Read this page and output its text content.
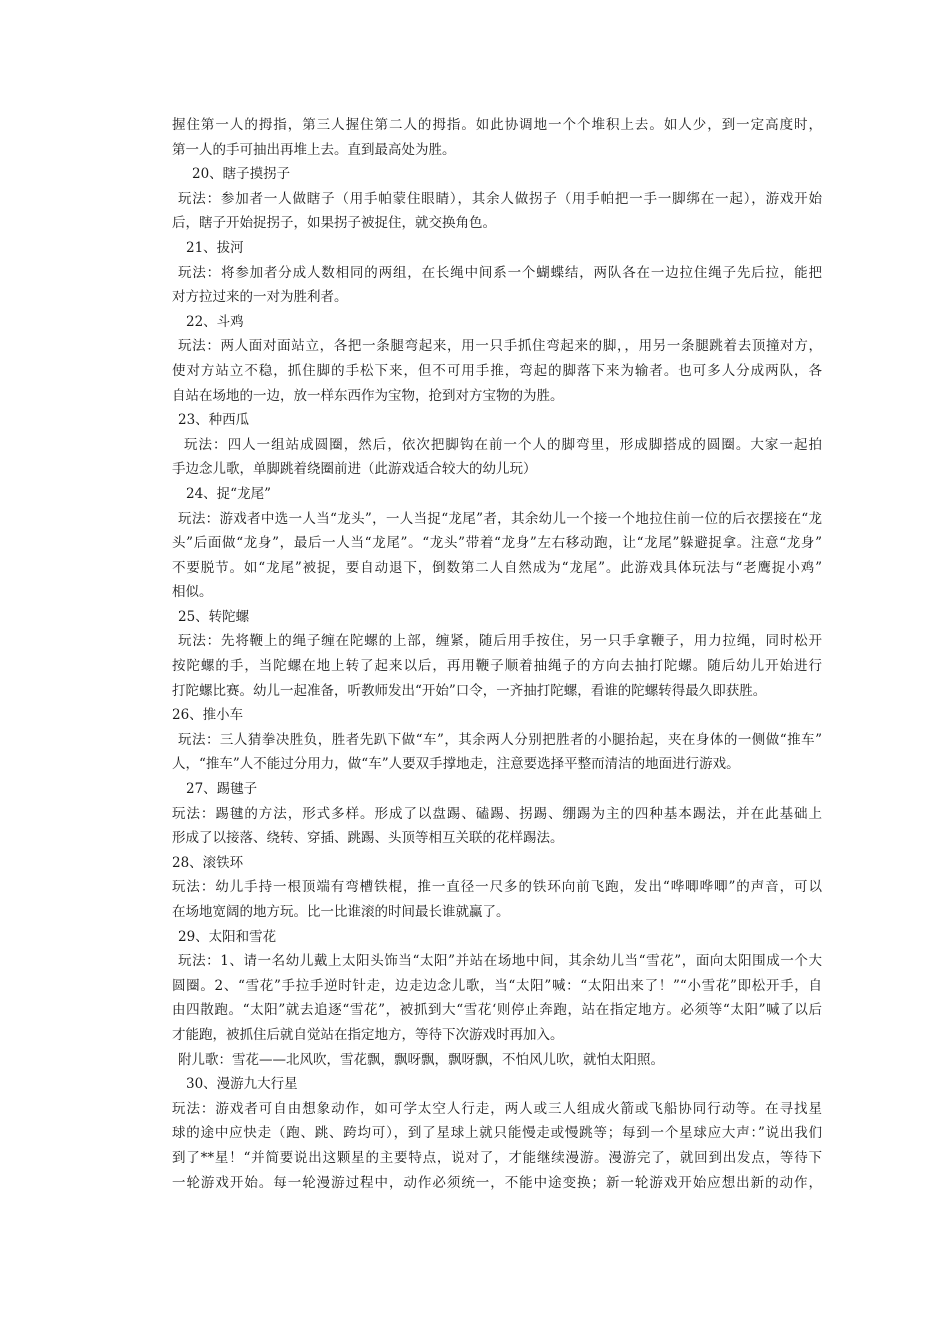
握住第一人的拇指，第三人握住第二人的拇指。如此协调地一个个堆积上去。如人少，到一定高度时，
第一人的手可抽出再堆上去。直到最高处为胜。
20、瞎子摸拐子
玩法：参加者一人做瞎子（用手帕蒙住眼睛），其余人做拐子（用手帕把一手一脚绑在一起），游戏开始
后，瞎子开始捉拐子，如果拐子被捉住，就交换角色。
21、拔河
玩法：将参加者分成人数相同的两组，在长绳中间系一个蝴蝶结，两队各在一边拉住绳子先后拉，能把
对方拉过来的一对为胜利者。
22、斗鸡
玩法：两人面对面站立，各把一条腿弯起来，用一只手抓住弯起来的脚，，用另一条腿跳着去顶撞对方，
使对方站立不稳，抓住脚的手松下来，但不可用手推，弯起的脚落下来为输者。也可多人分成两队，各
自站在场地的一边，放一样东西作为宝物，抢到对方宝物的为胜。
23、种西瓜
玩法：四人一组站成圆圈，然后，依次把脚钩在前一个人的脚弯里，形成脚搭成的圆圈。大家一起拍
手边念儿歌，单脚跳着绕圈前进（此游戏适合较大的幼儿玩）
24、捉“龙尾”
玩法：游戏者中选一人当“龙头”，一人当捉“龙尾”者，其余幼儿一个接一个地拉住前一位的后衣摆接在“龙
头”后面做“龙身”，最后一人当“龙尾”。“龙头”带着“龙身”左右移动跑，让“龙尾”躲避捉拿。注意“龙身”
不要脱节。如“龙尾”被捉，要自动退下，倒数第二人自然成为“龙尾”。此游戏具体玩法与“老鹰捉小鸡”
相似。
25、转陀螺
玩法：先将鞭上的绳子缠在陀螺的上部，缠紧，随后用手按住，另一只手拿鞭子，用力拉绳，同时松开
按陀螺的手，当陀螺在地上转了起来以后，再用鞭子顺着抽绳子的方向去抽打陀螺。随后幼儿开始进行
打陀螺比赛。幼儿一起准备，听教师发出“开始”口令，一齐抽打陀螺，看谁的陀螺转得最久即获胜。
26、推小车
玩法：三人猜拳决胜负，胜者先趴下做“车”，其余两人分别把胜者的小腿抬起，夹在身体的一侧做“推车”
人，“推车”人不能过分用力，做“车”人要双手撑地走，注意要选择平整而清洁的地面进行游戏。
27、踢毽子
玩法：踢毽的方法，形式多样。形成了以盘踢、磕踢、拐踢、绷踢为主的四种基本踢法，并在此基础上
形成了以接落、绕转、穿插、跳踢、头顶等相互关联的花样踢法。
28、滚铁环
玩法：幼儿手持一根顶端有弯槽铁棍，推一直径一尺多的铁环向前飞跑，发出“哗唧哗唧”的声音，可以
在场地宽阔的地方玩。比一比谁滚的时间最长谁就赢了。
29、太阳和雪花
玩法：1、请一名幼儿戴上太阳头饰当“太阳”并站在场地中间，其余幼儿当“雪花”，面向太阳围成一个大
圆圈。2、“雪花”手拉手逆时针走，边走边念儿歌，当“太阳”喊：“太阳出来了！”“小雪花”即松开手，自
由四散跑。“太阳”就去追逐“雪花”，被抓到大“雪花‘则停止奔跑，站在指定地方。必须等“太阳”喊了以后
才能跑，被抓住后就自觉站在指定地方，等待下次游戏时再加入。
附儿歌：雪花——北风吹，雪花飘，飘呀飘，飘呀飘，不怕风儿吹，就怕太阳照。
30、漫游九大行星
玩法：游戏者可自由想象动作，如可学太空人行走，两人或三人组成火箭或飞船协同行动等。在寻找星
球的途中应快走（跑、跳、跨均可），到了星球上就只能慢走或慢跳等；每到一个星球应大声：”说出我们
到了**星！“并简要说出这颗星的主要特点，说对了，才能继续漫游。漫游完了，就回到出发点，等待下
一轮游戏开始。每一轮漫游过程中，动作必须统一，不能中途变换；新一轮游戏开始应想出新的动作，
